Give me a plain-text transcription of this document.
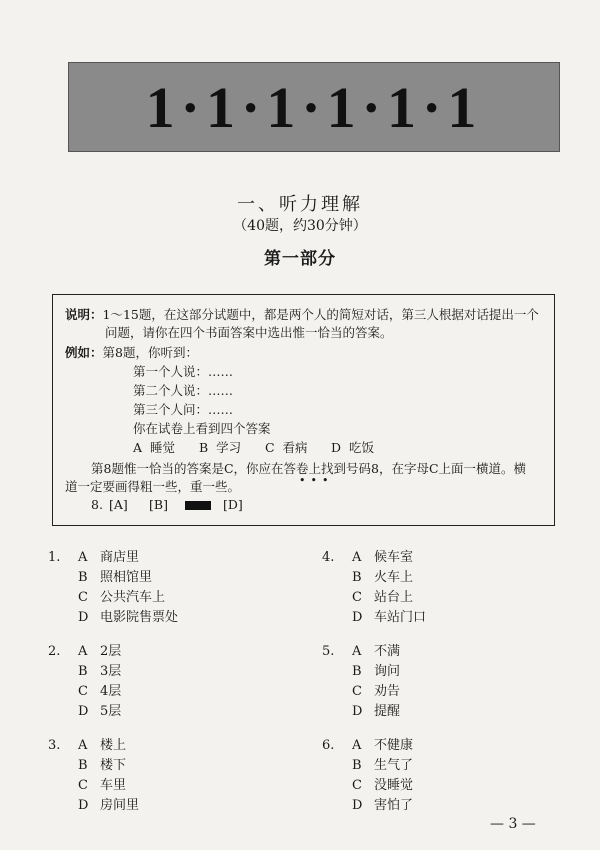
1·1·1·1·1·1
一、听力理解
（40题，约30分钟）
第一部分
说明：1～15题，在这部分试题中，都是两个人的简短对话，第三人根据对话提出一个
问题，请你在四个书面答案中选出惟一恰当的答案。
例如：第8题，你听到：
第一个人说：……
第二个人说：……
第三个人问：……
你在试卷上看到四个答案
A 睡觉 B 学习 C 看病 D 吃饭
第8题惟一恰当的答案是C，你应在答卷上找到号码8，在字母C上面一横道。横
道一定要画得粗一些，重一些。	•••
8. [A] [B]	[D]
1.	A 商店里
B 照相馆里
C 公共汽车上
D 电影院售票处
2.	A 2层
B 3层
C 4层
D 5层
3.	A 楼上
B 楼下
C 车里
D 房间里
4.	A 候车室
B 火车上
C 站台上
D 车站门口
5.	A 不满
B 询问
C 劝告
D 提醒
6.	A 不健康
B 生气了
C 没睡觉
D 害怕了
— 3 —
